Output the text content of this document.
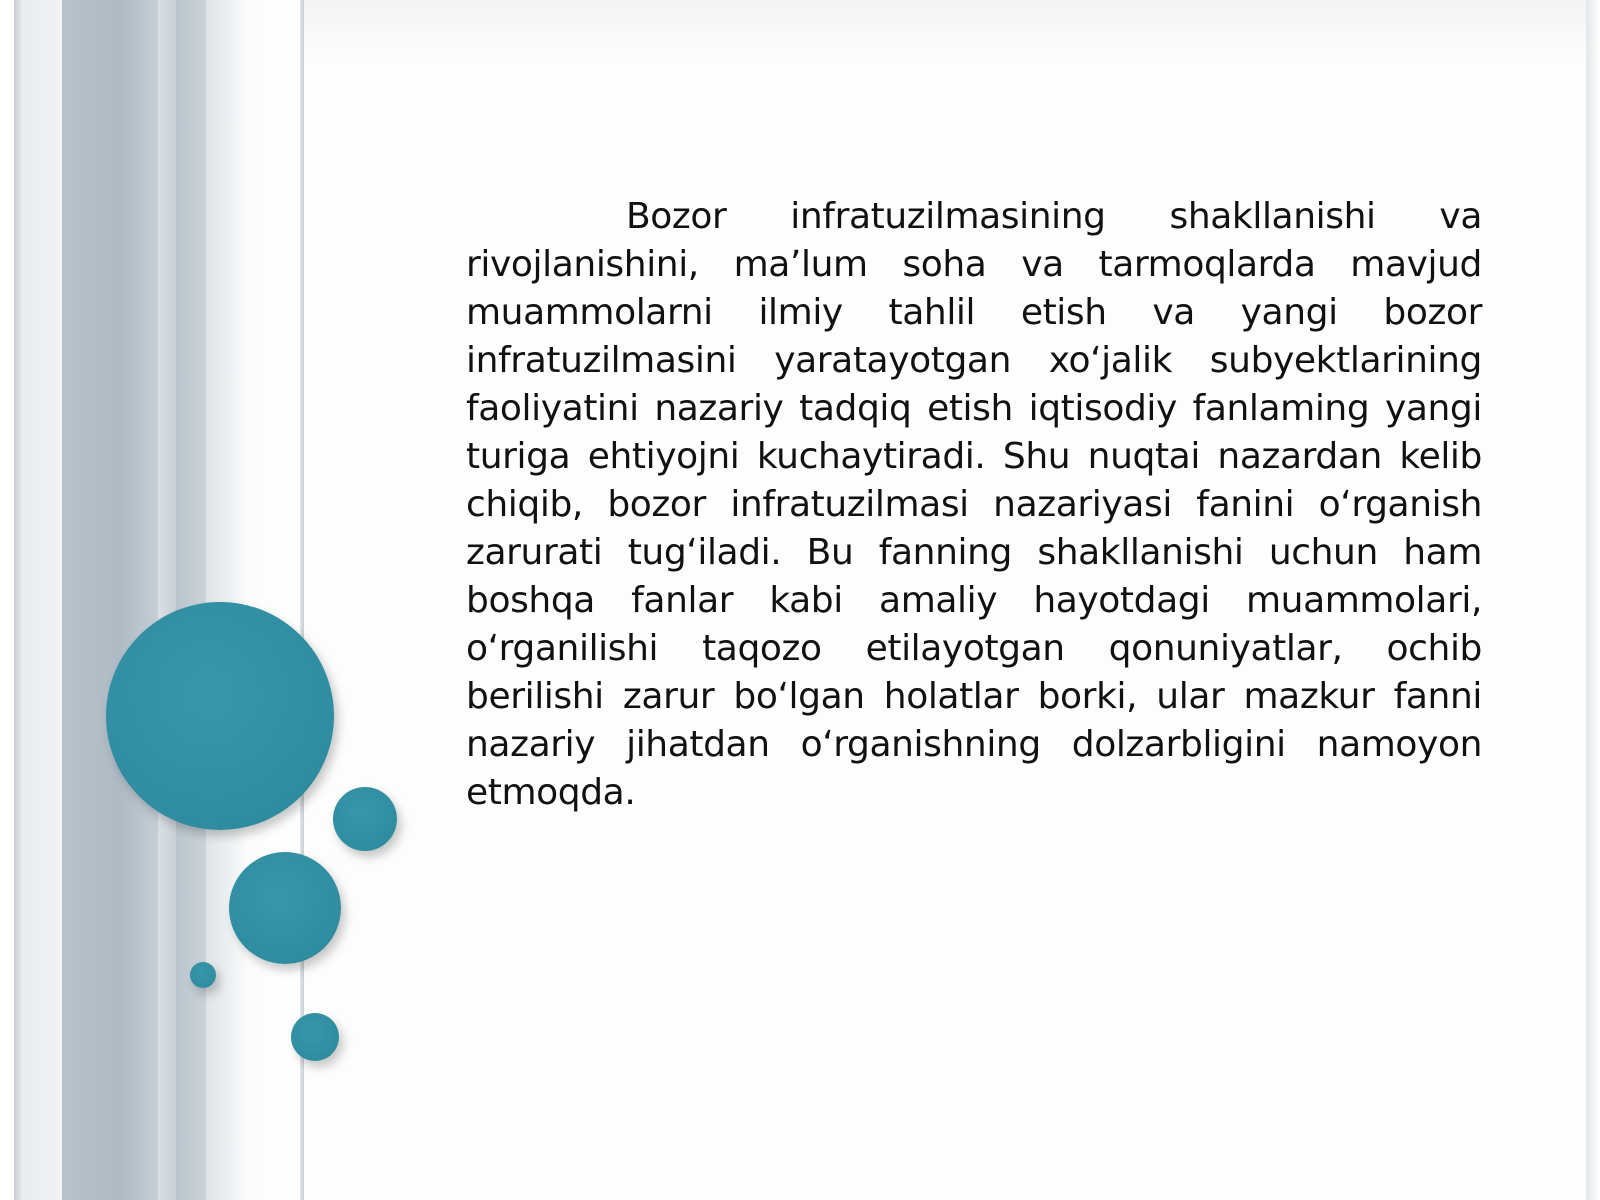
Bozor infratuzilmasining shakllanishi va rivojlanishini, ma’lum soha va tarmoqlarda mavjud muammolarni ilmiy tahlil etish va yangi bozor infratuzilmasini yaratayotgan xo‘jalik subyektlarining faoliyatini nazariy tadqiq etish iqtisodiy fanlaming yangi turiga ehtiyojni kuchaytiradi. Shu nuqtai nazardan kelib chiqib, bozor infratuzilmasi nazariyasi fanini o‘rganish zarurati tug‘iladi. Bu fanning shakllanishi uchun ham boshqa fanlar kabi amaliy hayotdagi muammolari, o‘rganilishi taqozo etilayotgan qonuniyatlar, ochib berilishi zarur bo‘lgan holatlar borki, ular mazkur fanni nazariy jihatdan o‘rganishning dolzarbligini namoyon etmoqda.
